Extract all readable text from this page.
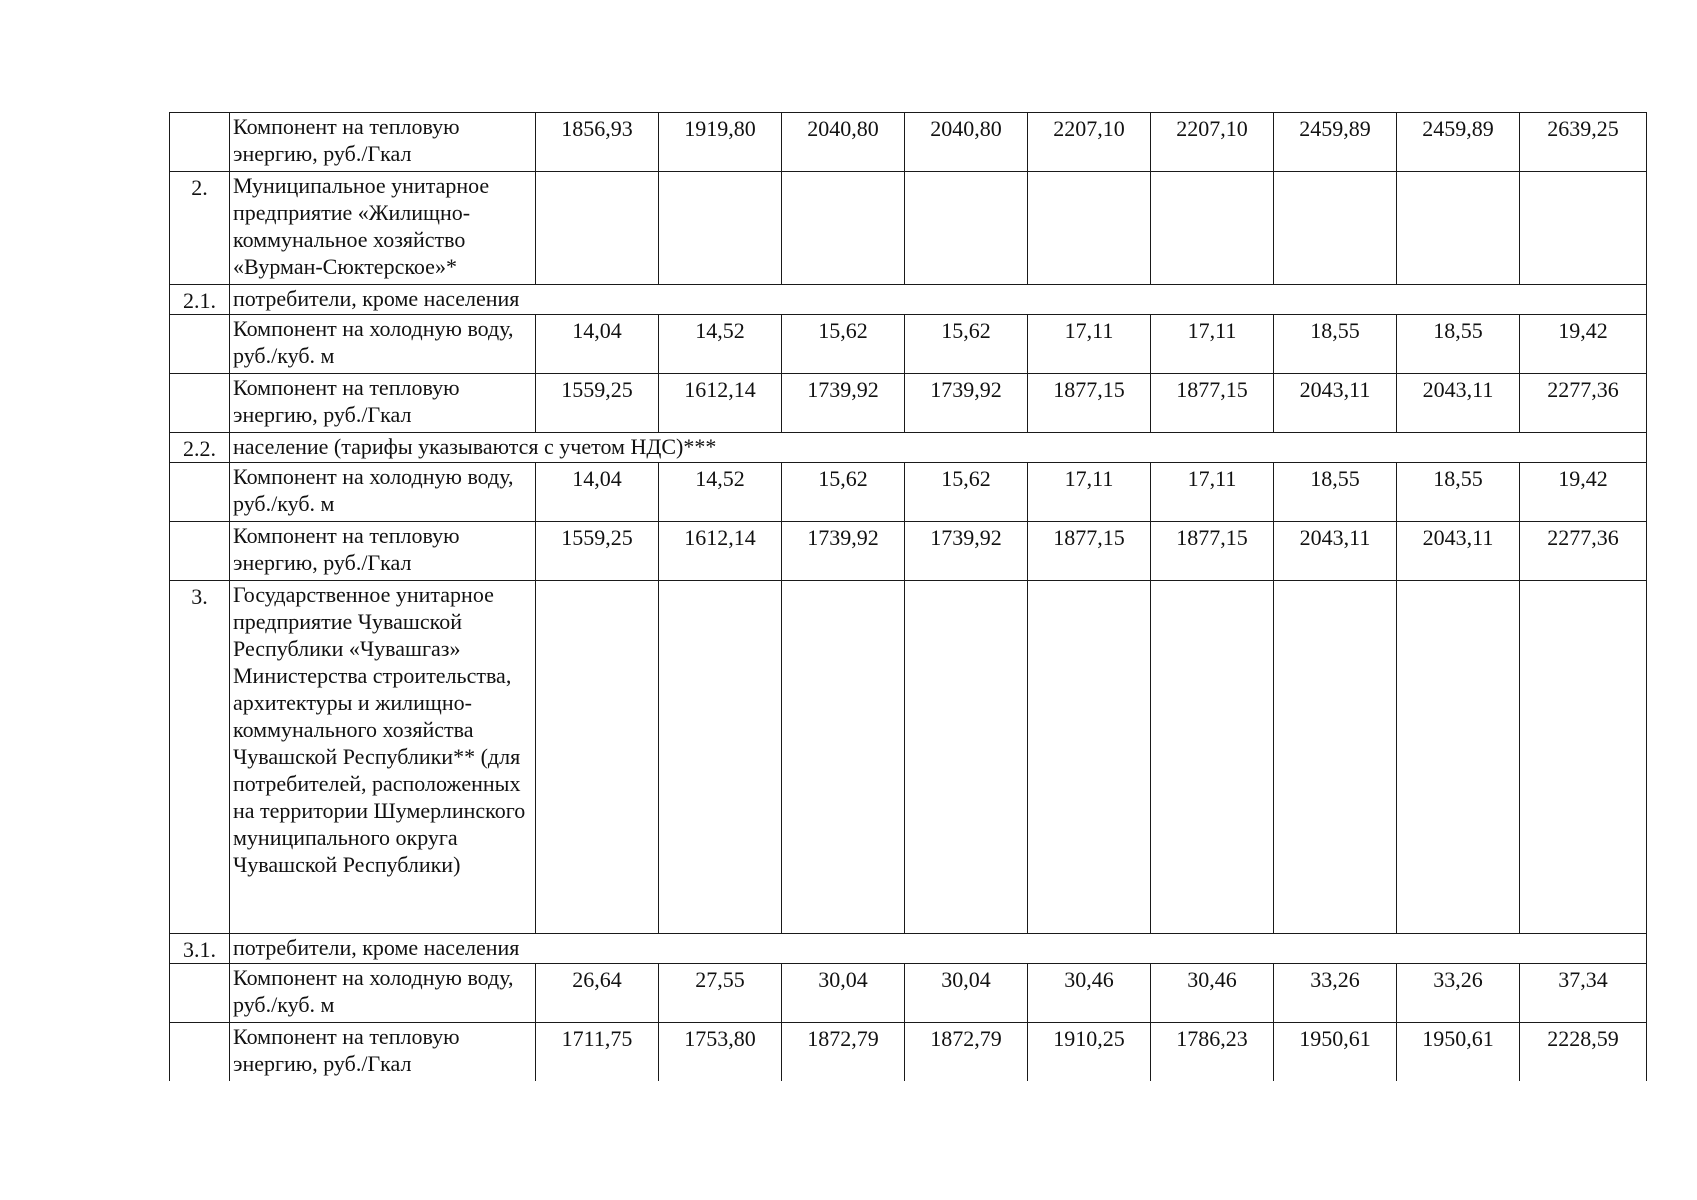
	Компонент на тепловую энергию, руб./Гкал	1856,93	1919,80	2040,80	2040,80	2207,10	2207,10	2459,89	2459,89	2639,25
2.	Муниципальное унитарное предприятие «Жилищно-коммунальное хозяйство «Вурман-Сюктерское»*									
2.1.	потребители, кроме населения									
	Компонент на холодную воду, руб./куб. м	14,04	14,52	15,62	15,62	17,11	17,11	18,55	18,55	19,42
	Компонент на тепловую энергию, руб./Гкал	1559,25	1612,14	1739,92	1739,92	1877,15	1877,15	2043,11	2043,11	2277,36
2.2.	население (тарифы указываются с учетом НДС)***									
	Компонент на холодную воду, руб./куб. м	14,04	14,52	15,62	15,62	17,11	17,11	18,55	18,55	19,42
	Компонент на тепловую энергию, руб./Гкал	1559,25	1612,14	1739,92	1739,92	1877,15	1877,15	2043,11	2043,11	2277,36
3.	Государственное унитарное предприятие Чувашской Республики «Чувашгаз» Министерства строительства, архитектуры и жилищно-коммунального хозяйства Чувашской Республики** (для потребителей, расположенных на территории Шумерлинского муниципального округа Чувашской Республики)									
3.1.	потребители, кроме населения									
	Компонент на холодную воду, руб./куб. м	26,64	27,55	30,04	30,04	30,46	30,46	33,26	33,26	37,34
	Компонент на тепловую энергию, руб./Гкал	1711,75	1753,80	1872,79	1872,79	1910,25	1786,23	1950,61	1950,61	2228,59
